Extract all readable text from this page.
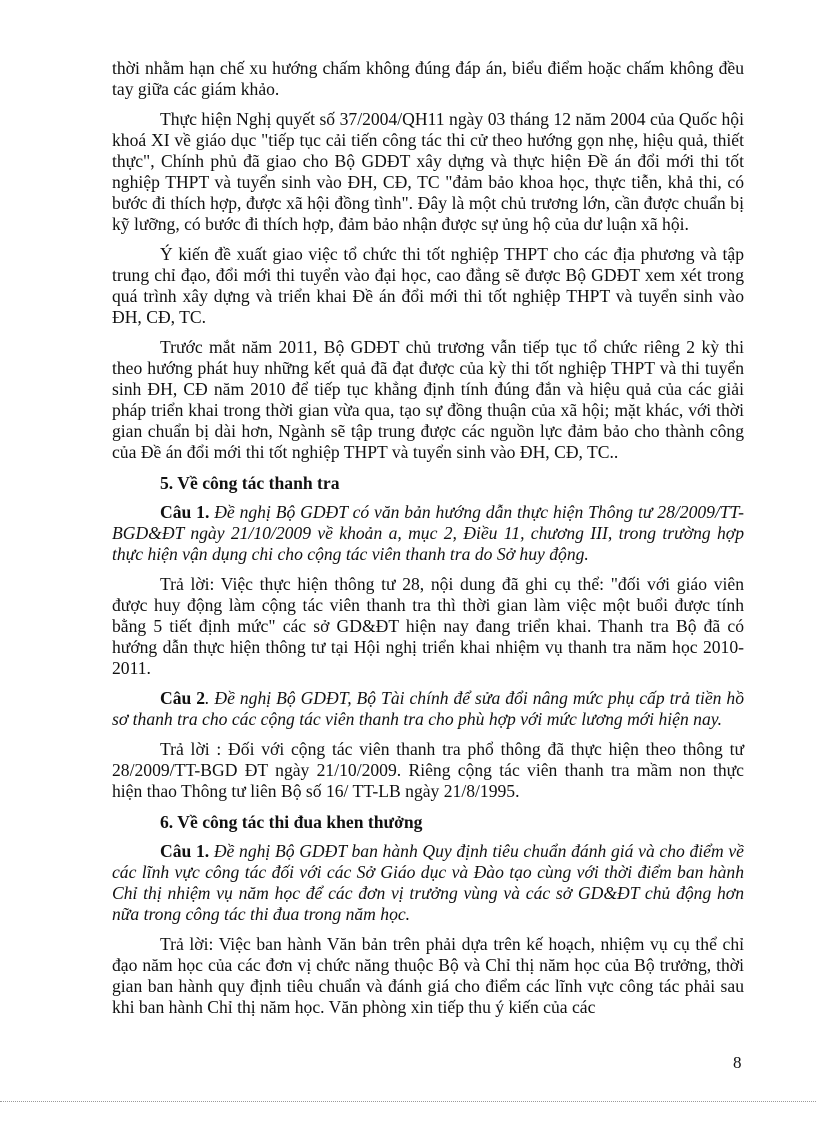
thời nhằm hạn chế xu hướng chấm không đúng đáp án, biểu điểm hoặc chấm không đều tay giữa các giám khảo.

Thực hiện Nghị quyết số 37/2004/QH11 ngày 03 tháng 12 năm 2004 của Quốc hội khoá XI về giáo dục "tiếp tục cải tiến công tác thi cử theo hướng gọn nhẹ, hiệu quả, thiết thực", Chính phủ đã giao cho Bộ GDĐT xây dựng và thực hiện Đề án đổi mới thi tốt nghiệp THPT và tuyển sinh vào ĐH, CĐ, TC "đảm bảo khoa học, thực tiễn, khả thi, có bước đi thích hợp, được xã hội đồng tình". Đây là một chủ trương lớn, cần được chuẩn bị kỹ lưỡng, có bước đi thích hợp, đảm bảo nhận được sự ủng hộ của dư luận xã hội.

Ý kiến đề xuất giao việc tổ chức thi tốt nghiệp THPT cho các địa phương và tập trung chỉ đạo, đổi mới thi tuyển vào đại học, cao đẳng sẽ được Bộ GDĐT xem xét trong quá trình xây dựng và triển khai Đề án đổi mới thi tốt nghiệp THPT và tuyển sinh vào ĐH, CĐ, TC.

Trước mắt năm 2011, Bộ GDĐT chủ trương vẫn tiếp tục tổ chức riêng 2 kỳ thi theo hướng phát huy những kết quả đã đạt được của kỳ thi tốt nghiệp THPT và thi tuyển sinh ĐH, CĐ năm 2010 để tiếp tục khẳng định tính đúng đắn và hiệu quả của các giải pháp triển khai trong thời gian vừa qua, tạo sự đồng thuận của xã hội; mặt khác, với thời gian chuẩn bị dài hơn, Ngành sẽ tập trung được các nguồn lực đảm bảo cho thành công của Đề án đổi mới thi tốt nghiệp THPT và tuyển sinh vào ĐH, CĐ, TC..

5. Về công tác thanh tra

Câu 1. Đề nghị Bộ GDĐT có văn bản hướng dẫn thực hiện Thông tư 28/2009/TT-BGD&ĐT ngày 21/10/2009 về khoản a, mục 2, Điều 11, chương III, trong trường hợp thực hiện vận dụng chi cho cộng tác viên thanh tra do Sở huy động.

Trả lời: Việc thực hiện thông tư 28, nội dung đã ghi cụ thể: "đối với giáo viên được huy động làm cộng tác viên thanh tra thì thời gian làm việc một buổi được tính bằng 5 tiết định mức" các sở GD&ĐT hiện nay đang triển khai. Thanh tra Bộ đã có hướng dẫn thực hiện thông tư tại Hội nghị triển khai nhiệm vụ thanh tra năm học 2010-2011.

Câu 2. Đề nghị Bộ GDĐT, Bộ Tài chính để sửa đổi nâng mức phụ cấp trả tiền hồ sơ thanh tra cho các cộng tác viên thanh tra cho phù hợp với mức lương mới hiện nay.

Trả lời : Đối với cộng tác viên thanh tra phổ thông đã thực hiện theo thông tư 28/2009/TT-BGD ĐT ngày 21/10/2009. Riêng cộng tác viên thanh tra mầm non thực hiện thao Thông tư liên Bộ số 16/ TT-LB ngày 21/8/1995.

6. Về công tác thi đua khen thưởng

Câu 1. Đề nghị Bộ GDĐT ban hành Quy định tiêu chuẩn đánh giá và cho điểm về các lĩnh vực công tác đối với các Sở Giáo dục và Đào tạo cùng với thời điểm ban hành Chỉ thị nhiệm vụ năm học để các đơn vị trưởng vùng và các sở GD&ĐT chủ động hơn nữa trong công tác thi đua trong năm học.

Trả lời: Việc ban hành Văn bản trên phải dựa trên kế hoạch, nhiệm vụ cụ thể chỉ đạo năm học của các đơn vị chức năng thuộc Bộ và Chỉ thị năm học của Bộ trưởng, thời gian ban hành quy định tiêu chuẩn và đánh giá cho điểm các lĩnh vực công tác phải sau khi ban hành Chỉ thị năm học. Văn phòng xin tiếp thu ý kiến của các

8
